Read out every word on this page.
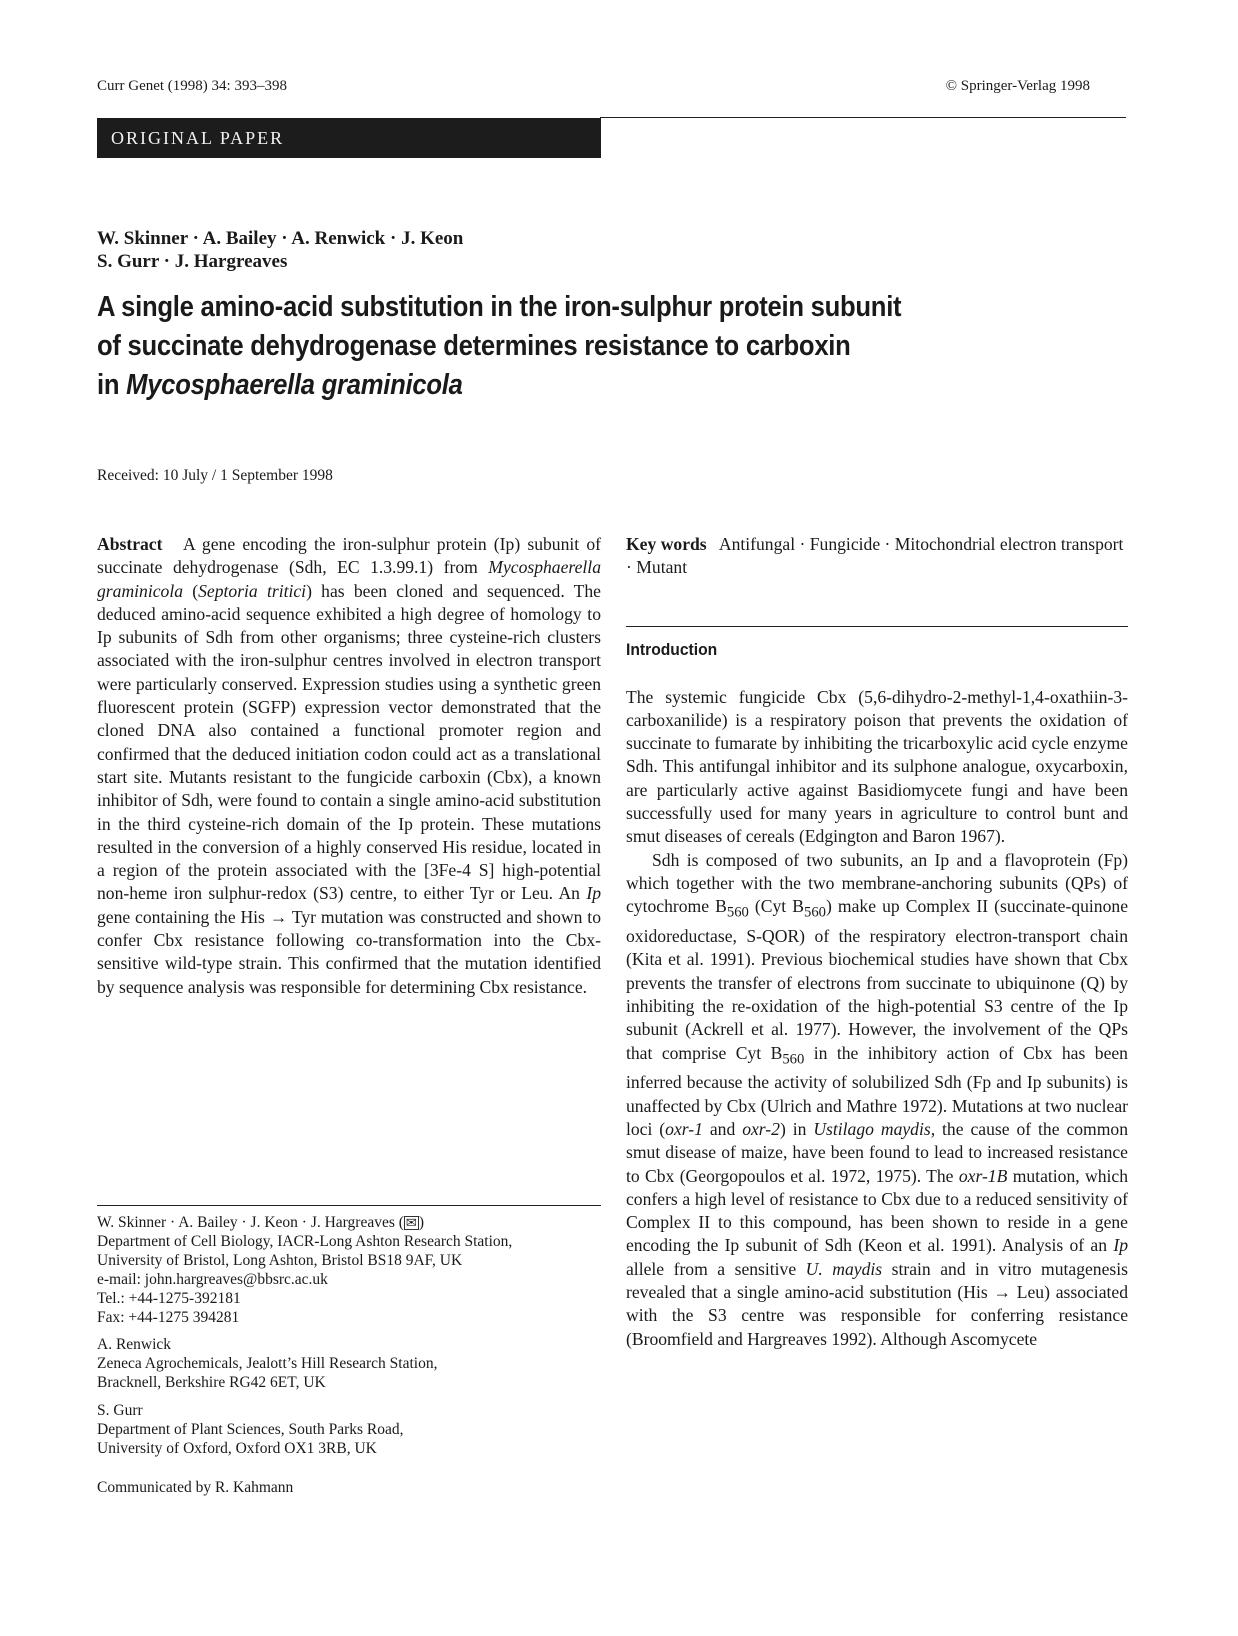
Curr Genet (1998) 34: 393–398	© Springer-Verlag 1998
ORIGINAL PAPER
W. Skinner · A. Bailey · A. Renwick · J. Keon
S. Gurr · J. Hargreaves
A single amino-acid substitution in the iron-sulphur protein subunit
of succinate dehydrogenase determines resistance to carboxin
in Mycosphaerella graminicola
Received: 10 July / 1 September 1998

Abstract A gene encoding the iron-sulphur protein (Ip) subunit of succinate dehydrogenase (Sdh, EC 1.3.99.1) from Mycosphaerella graminicola (Septoria tritici) has been cloned and sequenced. The deduced amino-acid sequence exhibited a high degree of homology to Ip subunits of Sdh from other organisms; three cysteine-rich clusters associated with the iron-sulphur centres involved in electron transport were particularly conserved. Expression studies using a synthetic green fluorescent protein (SGFP) expression vector demonstrated that the cloned DNA also contained a functional promoter region and confirmed that the deduced initiation codon could act as a translational start site. Mutants resistant to the fungicide carboxin (Cbx), a known inhibitor of Sdh, were found to contain a single amino-acid substitution in the third cysteine-rich domain of the Ip protein. These mutations resulted in the conversion of a highly conserved His residue, located in a region of the protein associated with the [3Fe-4 S] high-potential non-heme iron sulphur-redox (S3) centre, to either Tyr or Leu. An Ip gene containing the His → Tyr mutation was constructed and shown to confer Cbx resistance following co-transformation into the Cbx-sensitive wild-type strain. This confirmed that the mutation identified by sequence analysis was responsible for determining Cbx resistance.

W. Skinner · A. Bailey · J. Keon · J. Hargreaves ( ✉ )
Department of Cell Biology, IACR-Long Ashton Research Station,
University of Bristol, Long Ashton, Bristol BS18 9AF, UK
e-mail: john.hargreaves@bbsrc.ac.uk
Tel.: +44-1275-392181
Fax: +44-1275 394281
A. Renwick
Zeneca Agrochemicals, Jealott’s Hill Research Station,
Bracknell, Berkshire RG42 6ET, UK
S. Gurr
Department of Plant Sciences, South Parks Road,
University of Oxford, Oxford OX1 3RB, UK
Communicated by R. Kahmann

Key words Antifungal · Fungicide · Mitochondrial electron transport · Mutant

Introduction

The systemic fungicide Cbx (5,6-dihydro-2-methyl-1,4-oxathiin-3-carboxanilide) is a respiratory poison that prevents the oxidation of succinate to fumarate by inhibiting the tricarboxylic acid cycle enzyme Sdh. This antifungal inhibitor and its sulphone analogue, oxycarboxin, are particularly active against Basidiomycete fungi and have been successfully used for many years in agriculture to control bunt and smut diseases of cereals (Edgington and Baron 1967).

Sdh is composed of two subunits, an Ip and a flavoprotein (Fp) which together with the two membrane-anchoring subunits (QPs) of cytochrome $B_{560}$ (Cyt $B_{560}$) make up Complex II (succinate-quinone oxidoreductase, S-QOR) of the respiratory electron-transport chain (Kita et al. 1991). Previous biochemical studies have shown that Cbx prevents the transfer of electrons from succinate to ubiquinone (Q) by inhibiting the re-oxidation of the high-potential S3 centre of the Ip subunit (Ackrell et al. 1977). However, the involvement of the QPs that comprise Cyt $B_{560}$ in the inhibitory action of Cbx has been inferred because the activity of solubilized Sdh (Fp and Ip subunits) is unaffected by Cbx (Ulrich and Mathre 1972). Mutations at two nuclear loci (oxr-1 and oxr-2) in Ustilago maydis, the cause of the common smut disease of maize, have been found to lead to increased resistance to Cbx (Georgopoulos et al. 1972, 1975). The oxr-1B mutation, which confers a high level of resistance to Cbx due to a reduced sensitivity of Complex II to this compound, has been shown to reside in a gene encoding the Ip subunit of Sdh (Keon et al. 1991). Analysis of an Ip allele from a sensitive U. maydis strain and in vitro mutagenesis revealed that a single amino-acid substitution (His → Leu) associated with the S3 centre was responsible for conferring resistance (Broomfield and Hargreaves 1992). Although Ascomycete
